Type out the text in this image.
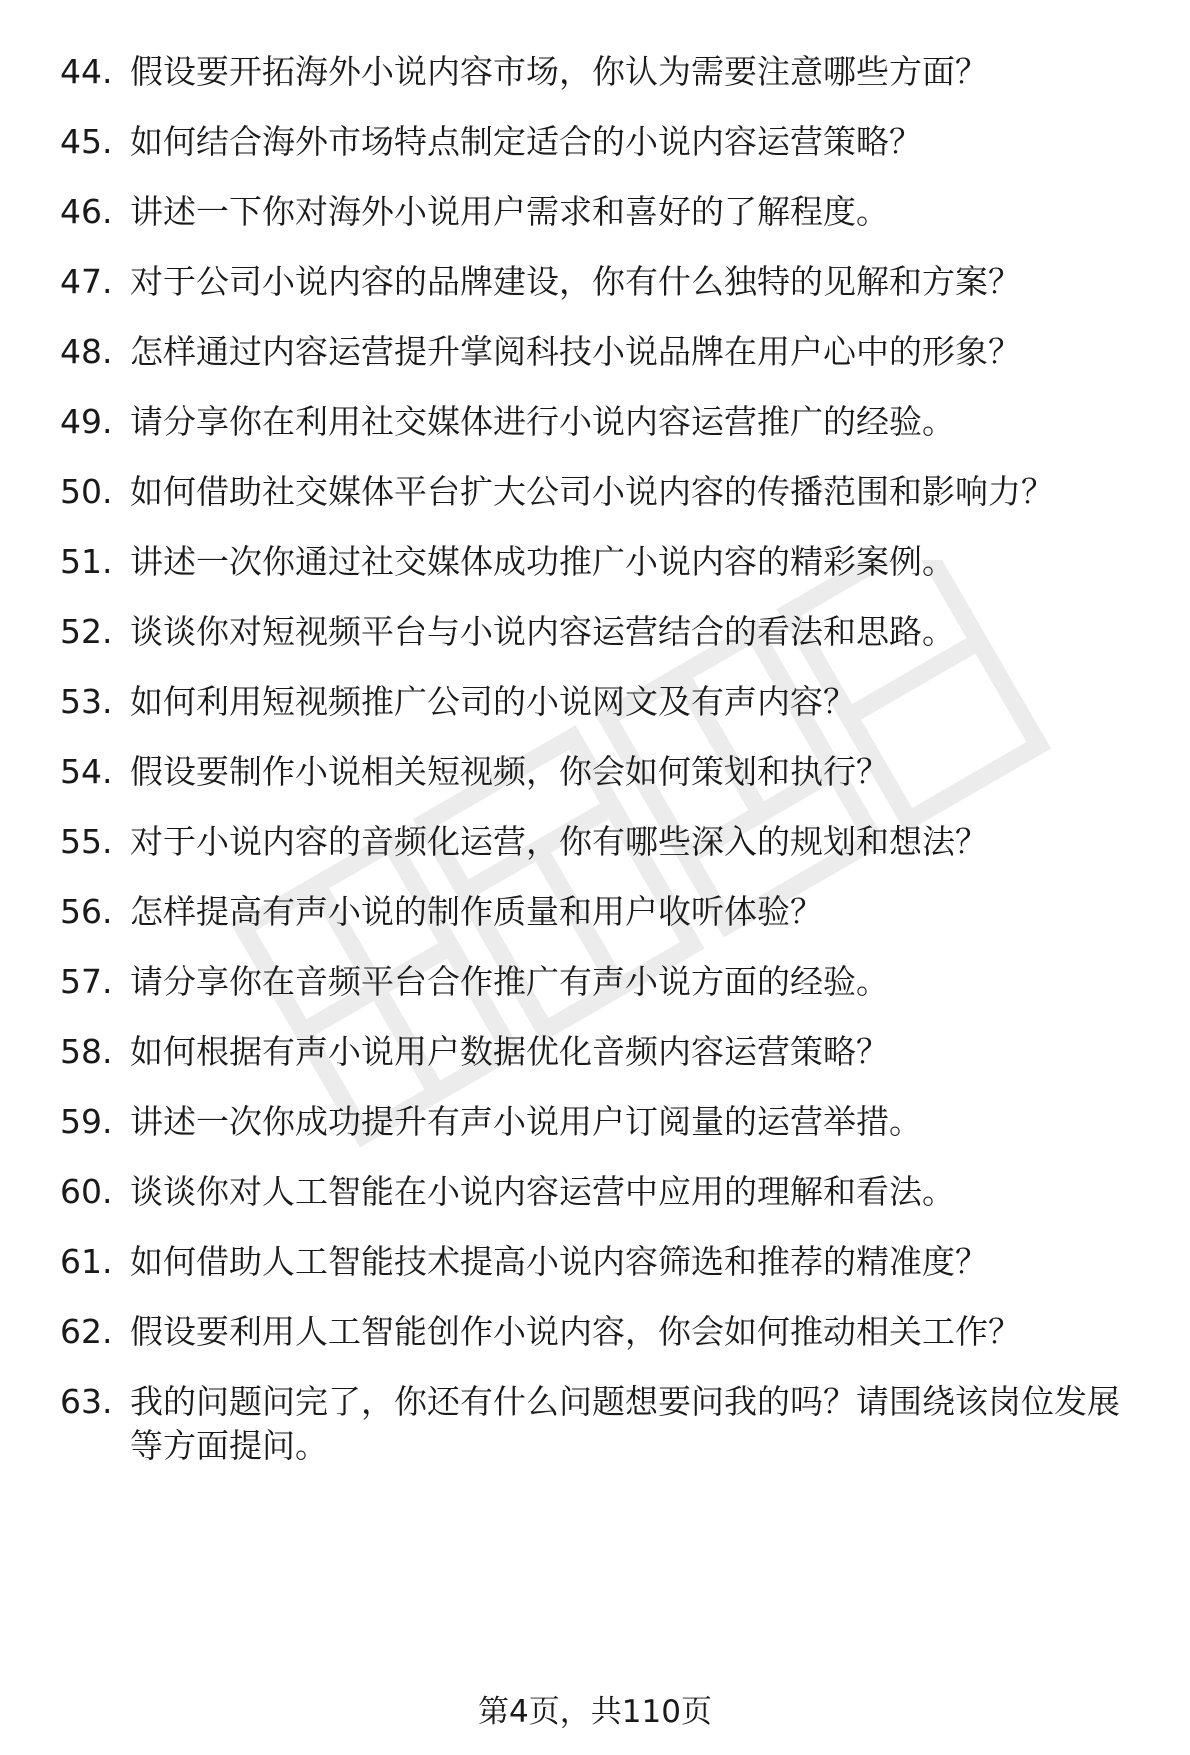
44. 假设要开拓海外小说内容市场，你认为需要注意哪些方面？
45. 如何结合海外市场特点制定适合的小说内容运营策略？
46. 讲述一下你对海外小说用户需求和喜好的了解程度。
47. 对于公司小说内容的品牌建设，你有什么独特的见解和方案？
48. 怎样通过内容运营提升掌阅科技小说品牌在用户心中的形象？
49. 请分享你在利用社交媒体进行小说内容运营推广的经验。
50. 如何借助社交媒体平台扩大公司小说内容的传播范围和影响力？
51. 讲述一次你通过社交媒体成功推广小说内容的精彩案例。
52. 谈谈你对短视频平台与小说内容运营结合的看法和思路。
53. 如何利用短视频推广公司的小说网文及有声内容？
54. 假设要制作小说相关短视频，你会如何策划和执行？
55. 对于小说内容的音频化运营，你有哪些深入的规划和想法？
56. 怎样提高有声小说的制作质量和用户收听体验？
57. 请分享你在音频平台合作推广有声小说方面的经验。
58. 如何根据有声小说用户数据优化音频内容运营策略？
59. 讲述一次你成功提升有声小说用户订阅量的运营举措。
60. 谈谈你对人工智能在小说内容运营中应用的理解和看法。
61. 如何借助人工智能技术提高小说内容筛选和推荐的精准度？
62. 假设要利用人工智能创作小说内容，你会如何推动相关工作？
63. 我的问题问完了，你还有什么问题想要问我的吗？请围绕该岗位发展等方面提问。
第4页，共110页
